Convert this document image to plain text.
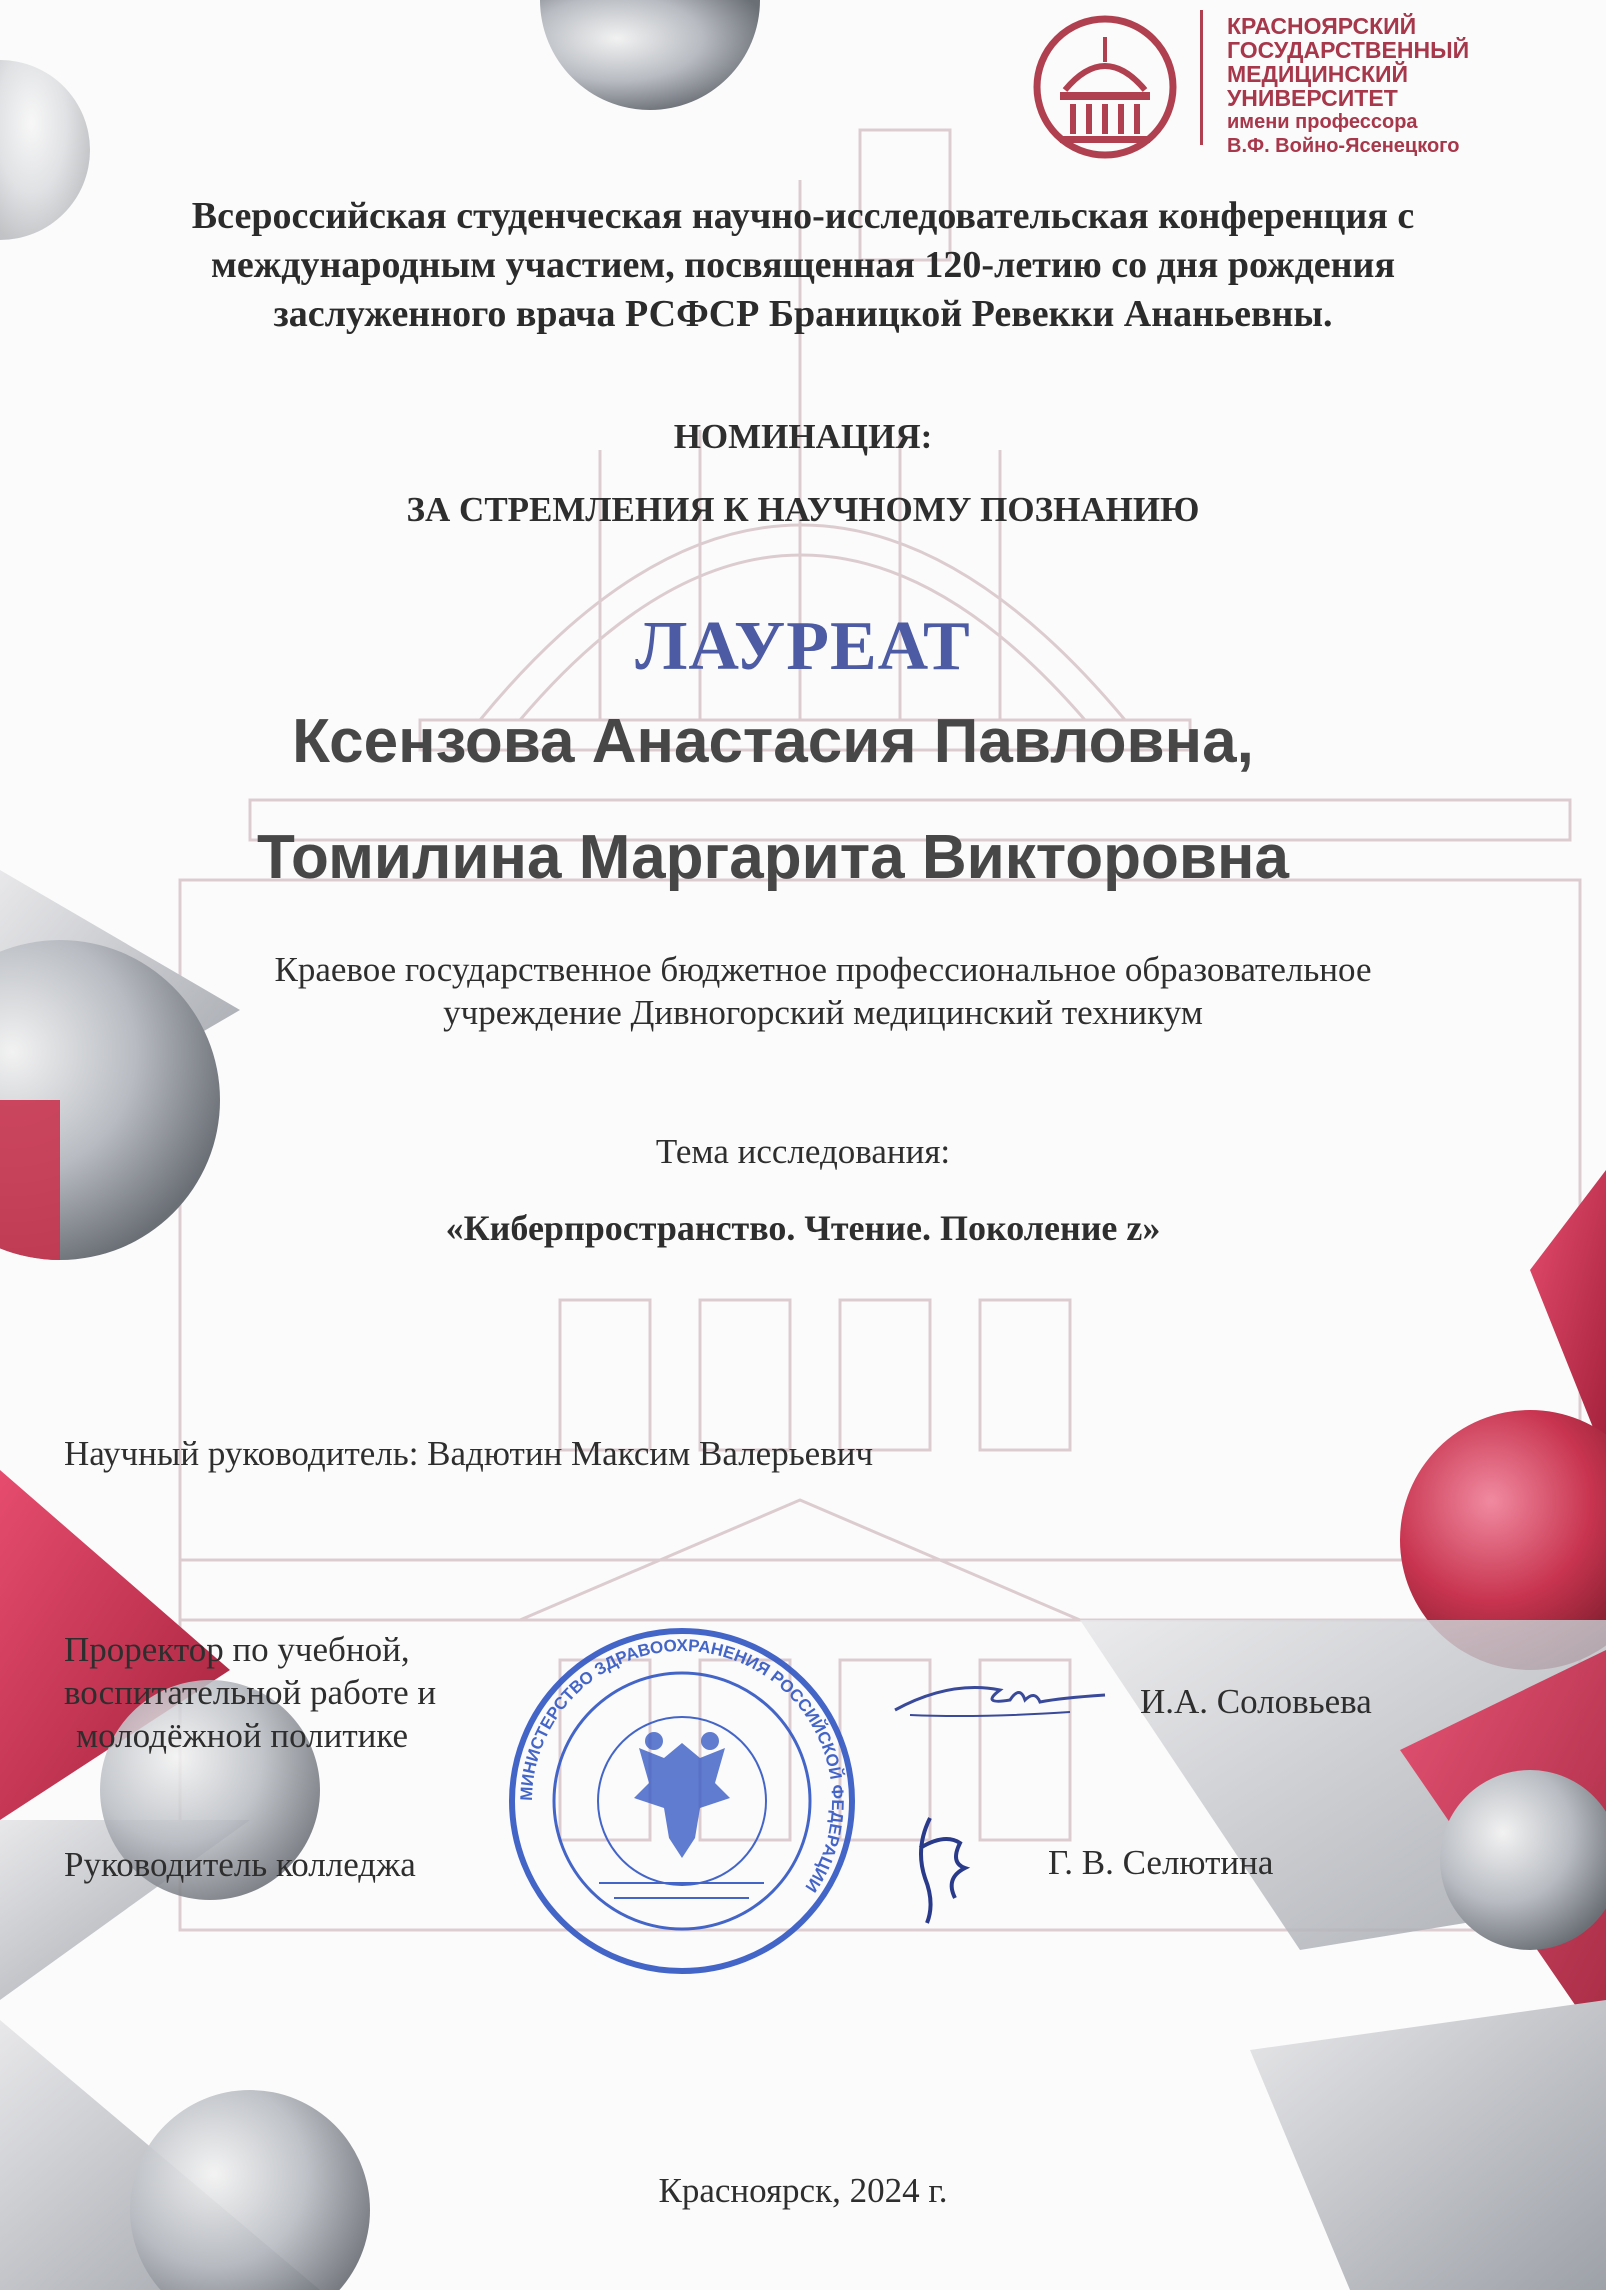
КРАСНОЯРСКИЙ
ГОСУДАРСТВЕННЫЙ
МЕДИЦИНСКИЙ
УНИВЕРСИТЕТ
имени профессора
В.Ф. Войно-Ясенецкого
Всероссийская студенческая научно-исследовательская конференция с
международным участием, посвященная 120-летию со дня рождения
заслуженного врача РСФСР Браницкой Ревекки Ананьевны.
НОМИНАЦИЯ:
ЗА СТРЕМЛЕНИЯ К НАУЧНОМУ ПОЗНАНИЮ
ЛАУРЕАТ
Ксензова Анастасия Павловна,
Томилина Маргарита Викторовна
Краевое государственное бюджетное профессиональное образовательное
учреждение Дивногорский медицинский техникум
Тема исследования:
«Киберпространство. Чтение. Поколение z»
Научный руководитель: Вадютин Максим Валерьевич
Проректор по учебной,
воспитательной работе и
молодёжной политике
И.А. Соловьева
Руководитель колледжа	Г. В. Селютина
МИНИСТЕРСТВО ЗДРАВООХРАНЕНИЯ РОССИЙСКОЙ ФЕДЕРАЦИИ
Красноярск, 2024 г.
